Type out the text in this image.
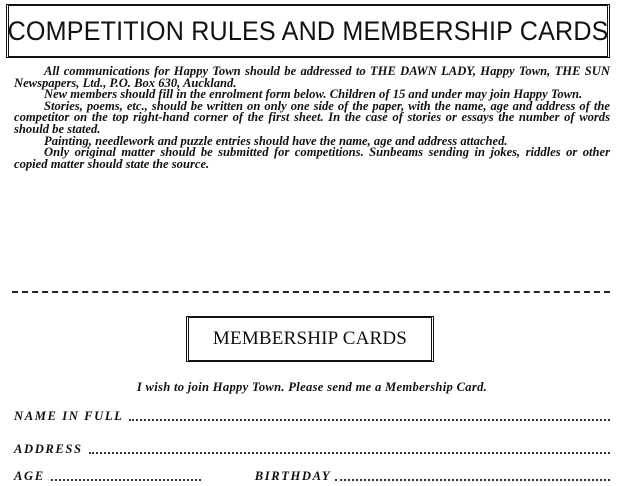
COMPETITION RULES AND MEMBERSHIP CARDS

All communications for Happy Town should be addressed to THE DAWN LADY, Happy Town, THE SUN Newspapers, Ltd., P.O. Box 630, Auckland.

New members should fill in the enrolment form below. Children of 15 and under may join Happy Town.

Stories, poems, etc., should be written on only one side of the paper, with the name, age and address of the competitor on the top right-hand corner of the first sheet. In the case of stories or essays the number of words should be stated.

Painting, needlework and puzzle entries should have the name, age and address attached.

Only original matter should be submitted for competitions. Sunbeams sending in jokes, riddles or other copied matter should state the source.

MEMBERSHIP CARDS
I wish to join Happy Town. Please send me a Membership Card.
NAME IN FULL
ADDRESS
AGE	BIRTHDAY
